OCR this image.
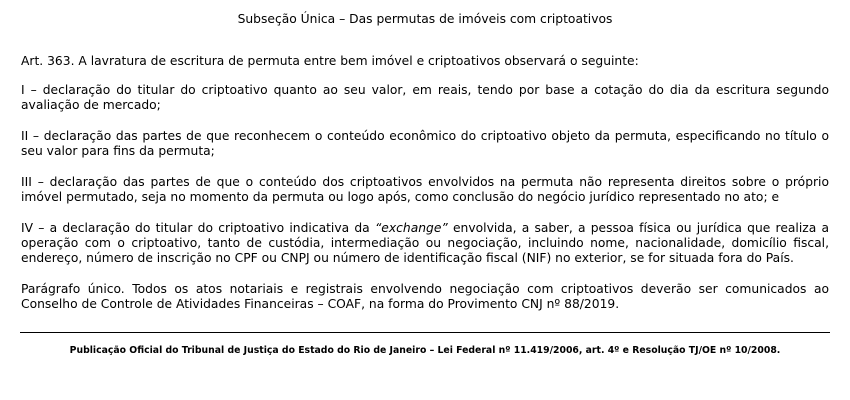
Subseção Única – Das permutas de imóveis com criptoativos

Art. 363. A lavratura de escritura de permuta entre bem imóvel e criptoativos observará o seguinte:

I – declaração do titular do criptoativo quanto ao seu valor, em reais, tendo por base a cotação do dia da escritura segundo avaliação de mercado;

II – declaração das partes de que reconhecem o conteúdo econômico do criptoativo objeto da permuta, especificando no título o seu valor para fins da permuta;

III – declaração das partes de que o conteúdo dos criptoativos envolvidos na permuta não representa direitos sobre o próprio imóvel permutado, seja no momento da permuta ou logo após, como conclusão do negócio jurídico representado no ato; e

IV – a declaração do titular do criptoativo indicativa da “exchange” envolvida, a saber, a pessoa física ou jurídica que realiza a operação com o criptoativo, tanto de custódia, intermediação ou negociação, incluindo nome, nacionalidade, domicílio fiscal, endereço, número de inscrição no CPF ou CNPJ ou número de identificação fiscal (NIF) no exterior, se for situada fora do País.

Parágrafo único. Todos os atos notariais e registrais envolvendo negociação com criptoativos deverão ser comunicados ao Conselho de Controle de Atividades Financeiras – COAF, na forma do Provimento CNJ nº 88/2019.

Publicação Oficial do Tribunal de Justiça do Estado do Rio de Janeiro – Lei Federal nº 11.419/2006, art. 4º e Resolução TJ/OE nº 10/2008.
